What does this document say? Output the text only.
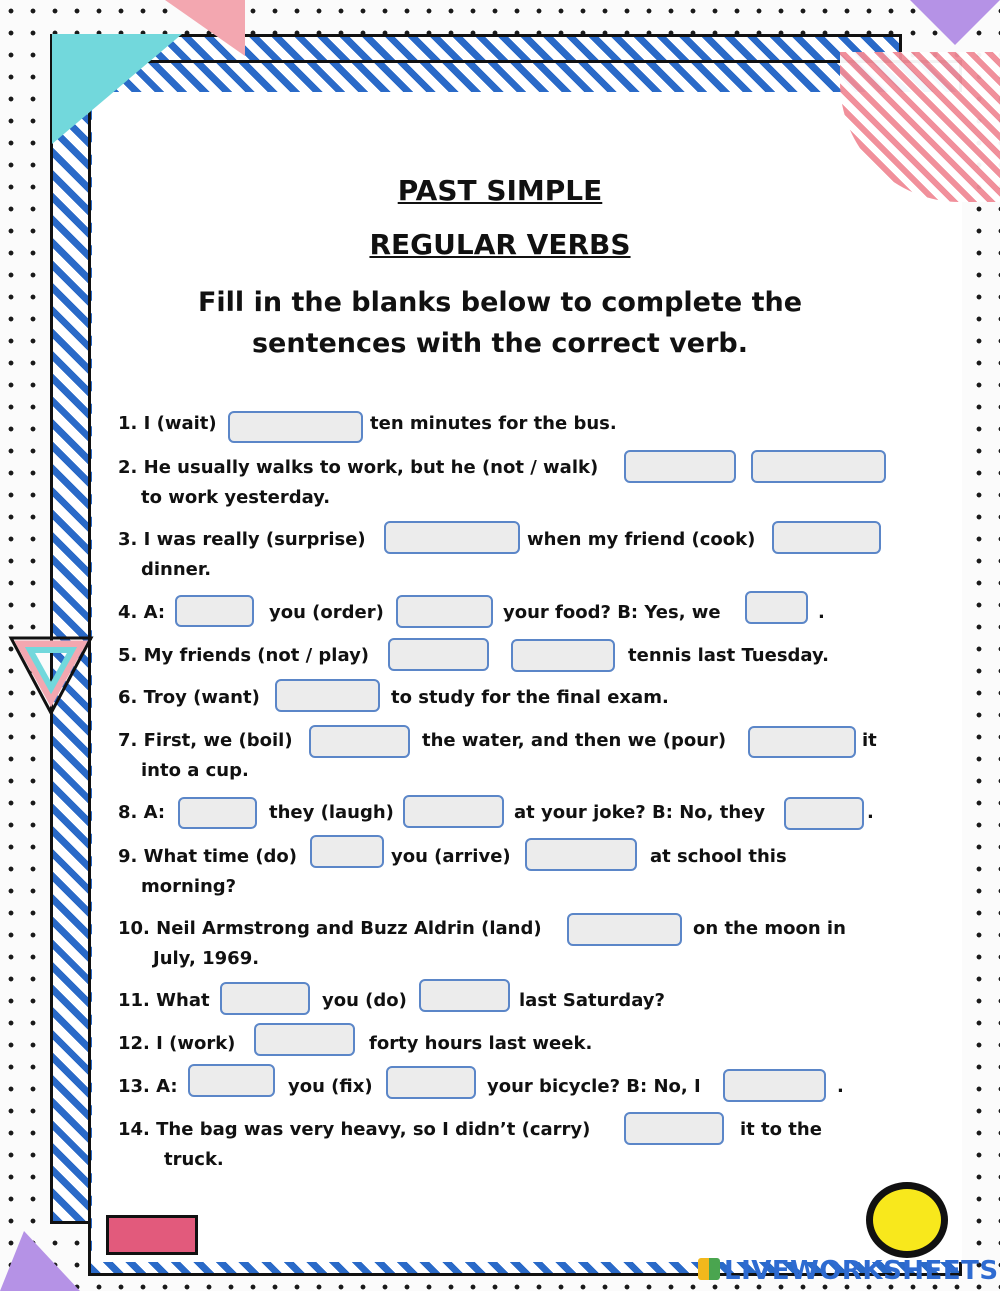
LIVEWORKSHEETS
PAST SIMPLE
REGULAR VERBS
Fill in the blanks below to complete the
sentences with the correct verb.
1. I (wait)	ten minutes for the bus.
2. He usually walks to work, but he (not / walk)
to work yesterday.
3. I was really (surprise)	when my friend (cook)
dinner.
4. A:	you (order)	your food? B: Yes, we	.
5. My friends (not / play)	tennis last Tuesday.
6. Troy (want)	to study for the final exam.
7. First, we (boil)	the water, and then we (pour)	it
into a cup.
8. A:	they (laugh)	at your joke? B: No, they	.
9. What time (do)	you (arrive)	at school this
morning?
10. Neil Armstrong and Buzz Aldrin (land)	on the moon in
July, 1969.
11. What	you (do)	last Saturday?
12. I (work)	forty hours last week.
13. A:	you (fix)	your bicycle? B: No, I	.
14. The bag was very heavy, so I didn’t (carry)	it to the
truck.
